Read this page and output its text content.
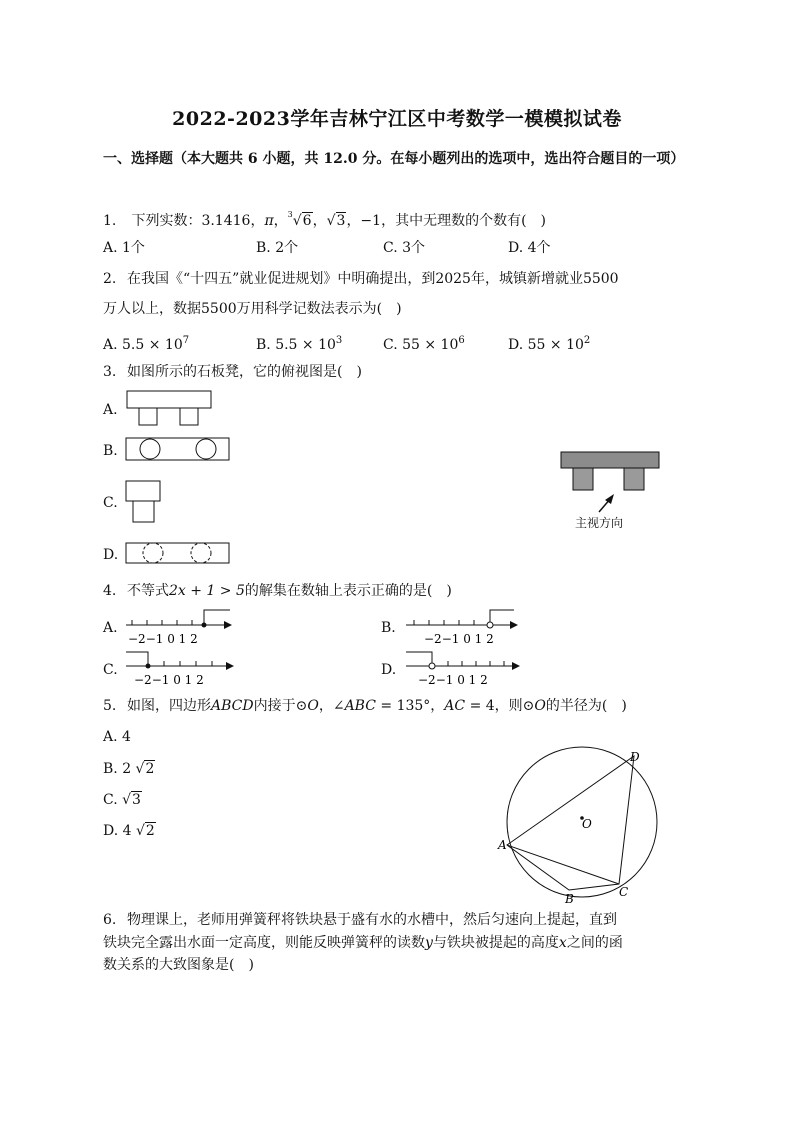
2022-2023学年吉林宁江区中考数学一模模拟试卷
一、选择题（本大题共 6 小题，共 12.0 分。在每小题列出的选项中，选出符合题目的一项）
1. 下列实数：3.1416，π，$^3$√6，√3，−1，其中无理数的个数有(　)
A. 1个	B. 2个	C. 3个	D. 4个
2. 在我国《“十四五”就业促进规划》中明确提出，到2025年，城镇新增就业5500
万人以上，数据5500万用科学记数法表示为(　)
A. $5.5 \times 10^7$	B. $5.5 \times 10^3$	C. $55 \times 10^6$	D. $55 \times 10^2$
3. 如图所示的石板凳，它的俯视图是(　)
A.
B.
C.
D.
主视方向
4. 不等式2x + 1 > 5的解集在数轴上表示正确的是(　)
A.
−2−1 0 1 2
B.
−2−1 0 1 2
C.
−2−1 0 1 2
D.
−2−1 0 1 2
5. 如图，四边形ABCD内接于⊙O，∠ABC = 135°，AC = 4，则⊙O的半径为(　)
A. 4
B. 2 √2
C. √3
D. 4 √2
A
B	C
D
O
6. 物理课上，老师用弹簧秤将铁块悬于盛有水的水槽中，然后匀速向上提起，直到
铁块完全露出水面一定高度，则能反映弹簧秤的读数y与铁块被提起的高度x之间的函
数关系的大致图象是(　)
